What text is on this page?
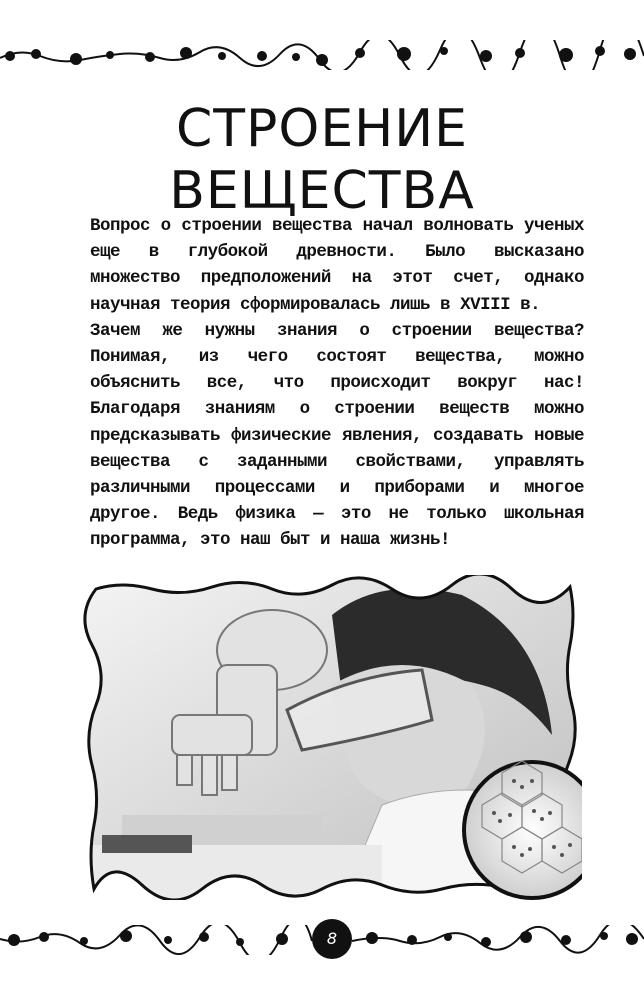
СТРОЕНИЕ
ВЕЩЕСТВА

Вопрос о строении вещества начал волновать ученых еще в глубокой древности. Было высказано множество предположений на этот счет, однако научная теория сформировалась лишь в XVIII в.

Зачем же нужны знания о строении вещества? Понимая, из чего состоят вещества, можно объяснить все, что происходит вокруг нас! Благодаря знаниям о строении веществ можно предсказывать физические явления, создавать новые вещества с заданными свойствами, управлять различными процессами и приборами и многое другое. Ведь физика — это не только школьная программа, это наш быт и наша жизнь!

8
